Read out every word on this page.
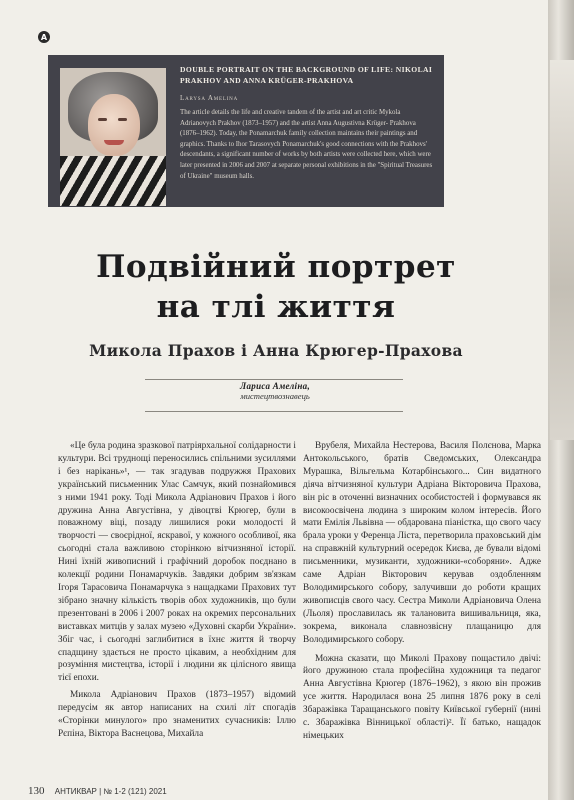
A
DOUBLE PORTRAIT ON THE BACKGROUND OF LIFE: NIKOLAI PRAKHOV AND ANNA KRÜGER-PRAKHOVA
Larysa Amelina
The article details the life and creative tandem of the artist and art critic Mykola Adrianovych Prakhov (1873–1957) and the artist Anna Augustivna Krüger- Prakhova (1876–1962). Today, the Ponamarchuk family collection maintains their paintings and graphics. Thanks to Ihor Tarasovych Ponamarchuk's good connections with the Prakhovs' descendants, a significant number of works by both artists were collected here, which were later presented in 2006 and 2007 at separate personal exhibitions in the "Spiritual Treasures of Ukraine" museum halls.
Подвійний портрет
на тлі життя
Микола Прахов і Анна Крюгер-Прахова
Лариса Амеліна,
мистецтвознавець

«Це була родина зразкової патріярхальної солідарности і культури. Всі труднощі переносились спільними зусиллями і без нарікань»¹, — так згадував подружжя Прахових український письменник Улас Самчук, який познайомився з ними 1941 року. Тоді Микола Адріанович Прахов і його дружина Анна Августівна, у дівоцтві Крюгер, були в поважному віці, позаду лишилися роки молодості й творчості — своєрідної, яскравої, у кожного особливої, яка сьогодні стала важливою сторінкою вітчизняної історії. Нині їхній живописний і графічний доробок поєднано в колекції родини Понамарчуків. Завдяки добрим зв'язкам Ігоря Тарасовича Понамарчука з нащадками Прахових тут зібрано значну кількість творів обох художників, що були презентовані в 2006 і 2007 роках на окремих персональних виставках митців у залах музею «Духовні скарби України». Збіг час, і сьогодні заглибитися в їхнє життя й творчу спадщину здається не просто цікавим, а необхідним для розуміння мистецтва, історії і людини як цілісного явища тієї епохи.

Микола Адріанович Прахов (1873–1957) відомий передусім як автор написаних на схилі літ спогадів «Сторінки минулого» про знаменитих сучасників: Іллю Рєпіна, Віктора Васнецова, Михайла

Врубеля, Михайла Нестерова, Василя Полєнова, Марка Антокольського, братів Сведомських, Олександра Мурашка, Вільгельма Котарбінського... Син видатного діяча вітчизняної культури Адріана Вікторовича Прахова, він ріс в оточенні визначних особистостей і формувався як високоосвічена людина з широким колом інтересів. Його мати Емілія Львівна — обдарована піаністка, що свого часу брала уроки у Ференца Ліста, перетворила праховський дім на справжній культурний осередок Києва, де бували відомі письменники, музиканти, художники-«соборяни». Адже саме Адріан Вікторович керував оздобленням Володимирського собору, залучивши до роботи кращих живописців свого часу. Сестра Миколи Адріановича Олена (Льоля) прославилась як талановита вишивальниця, яка, зокрема, виконала славнозвісну плащаницю для Володимирського собору.

Можна сказати, що Миколі Прахову пощастило двічі: його дружиною стала професійна художниця та педагог Анна Августівна Крюгер (1876–1962), з якою він прожив усе життя. Народилася вона 25 липня 1876 року в селі Збаражівка Таращанського повіту Київської губернії (нині с. Збаражівка Вінницької області)². Її батько, нащадок німецьких

130 АНТИКВАР | № 1-2 (121) 2021
